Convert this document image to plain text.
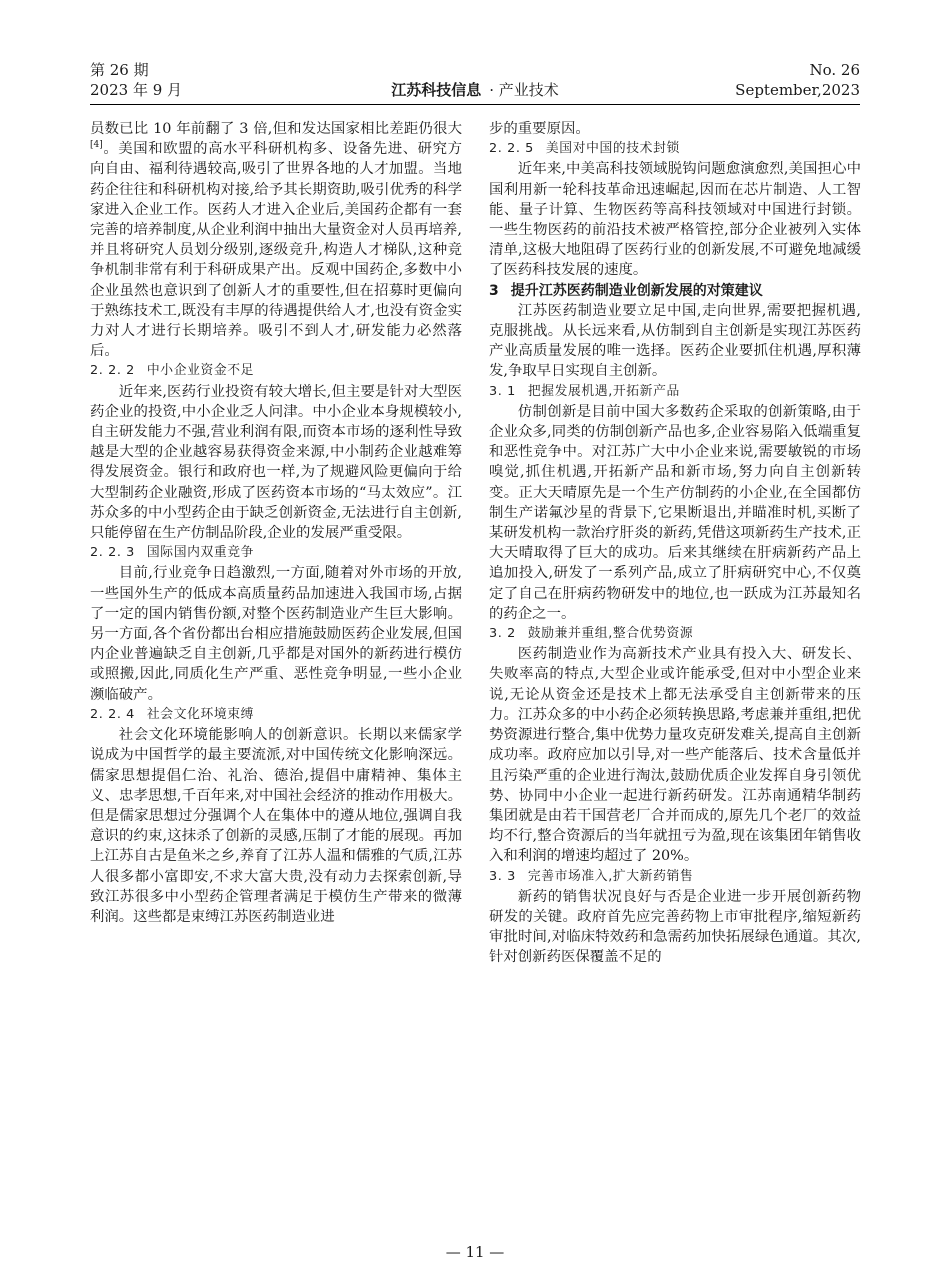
第 26 期
2023 年 9 月	江苏科技信息 · 产业技术
No. 26
September,2023

员数已比 10 年前翻了 3 倍,但和发达国家相比差距仍很大[4]。美国和欧盟的高水平科研机构多、设备先进、研究方向自由、福利待遇较高,吸引了世界各地的人才加盟。当地药企往往和科研机构对接,给予其长期资助,吸引优秀的科学家进入企业工作。医药人才进入企业后,美国药企都有一套完善的培养制度,从企业利润中抽出大量资金对人员再培养,并且将研究人员划分级别,逐级竞升,构造人才梯队,这种竞争机制非常有利于科研成果产出。反观中国药企,多数中小企业虽然也意识到了创新人才的重要性,但在招募时更偏向于熟练技术工,既没有丰厚的待遇提供给人才,也没有资金实力对人才进行长期培养。吸引不到人才,研发能力必然落后。

2. 2. 2 中小企业资金不足

近年来,医药行业投资有较大增长,但主要是针对大型医药企业的投资,中小企业乏人问津。中小企业本身规模较小,自主研发能力不强,营业利润有限,而资本市场的逐利性导致越是大型的企业越容易获得资金来源,中小制药企业越难筹得发展资金。银行和政府也一样,为了规避风险更偏向于给大型制药企业融资,形成了医药资本市场的“马太效应”。江苏众多的中小型药企由于缺乏创新资金,无法进行自主创新,只能停留在生产仿制品阶段,企业的发展严重受限。

2. 2. 3 国际国内双重竞争

目前,行业竞争日趋激烈,一方面,随着对外市场的开放,一些国外生产的低成本高质量药品加速进入我国市场,占据了一定的国内销售份额,对整个医药制造业产生巨大影响。另一方面,各个省份都出台相应措施鼓励医药企业发展,但国内企业普遍缺乏自主创新,几乎都是对国外的新药进行模仿或照搬,因此,同质化生产严重、恶性竞争明显,一些小企业濒临破产。

2. 2. 4 社会文化环境束缚

社会文化环境能影响人的创新意识。长期以来儒家学说成为中国哲学的最主要流派,对中国传统文化影响深远。儒家思想提倡仁治、礼治、德治,提倡中庸精神、集体主义、忠孝思想,千百年来,对中国社会经济的推动作用极大。但是儒家思想过分强调个人在集体中的遵从地位,强调自我意识的约束,这抹杀了创新的灵感,压制了才能的展现。再加上江苏自古是鱼米之乡,养育了江苏人温和儒雅的气质,江苏人很多都小富即安,不求大富大贵,没有动力去探索创新,导致江苏很多中小型药企管理者满足于模仿生产带来的微薄利润。这些都是束缚江苏医药制造业进

步的重要原因。

2. 2. 5 美国对中国的技术封锁

近年来,中美高科技领域脱钩问题愈演愈烈,美国担心中国利用新一轮科技革命迅速崛起,因而在芯片制造、人工智能、量子计算、生物医药等高科技领域对中国进行封锁。一些生物医药的前沿技术被严格管控,部分企业被列入实体清单,这极大地阻碍了医药行业的创新发展,不可避免地减缓了医药科技发展的速度。

3 提升江苏医药制造业创新发展的对策建议

江苏医药制造业要立足中国,走向世界,需要把握机遇,克服挑战。从长远来看,从仿制到自主创新是实现江苏医药产业高质量发展的唯一选择。医药企业要抓住机遇,厚积薄发,争取早日实现自主创新。

3. 1 把握发展机遇,开拓新产品

仿制创新是目前中国大多数药企采取的创新策略,由于企业众多,同类的仿制创新产品也多,企业容易陷入低端重复和恶性竞争中。对江苏广大中小企业来说,需要敏锐的市场嗅觉,抓住机遇,开拓新产品和新市场,努力向自主创新转变。正大天晴原先是一个生产仿制药的小企业,在全国都仿制生产诺氟沙星的背景下,它果断退出,并瞄准时机,买断了某研发机构一款治疗肝炎的新药,凭借这项新药生产技术,正大天晴取得了巨大的成功。后来其继续在肝病新药产品上追加投入,研发了一系列产品,成立了肝病研究中心,不仅奠定了自己在肝病药物研发中的地位,也一跃成为江苏最知名的药企之一。

3. 2 鼓励兼并重组,整合优势资源

医药制造业作为高新技术产业具有投入大、研发长、失败率高的特点,大型企业或许能承受,但对中小型企业来说,无论从资金还是技术上都无法承受自主创新带来的压力。江苏众多的中小药企必须转换思路,考虑兼并重组,把优势资源进行整合,集中优势力量攻克研发难关,提高自主创新成功率。政府应加以引导,对一些产能落后、技术含量低并且污染严重的企业进行淘汰,鼓励优质企业发挥自身引领优势、协同中小企业一起进行新药研发。江苏南通精华制药集团就是由若干国营老厂合并而成的,原先几个老厂的效益均不行,整合资源后的当年就扭亏为盈,现在该集团年销售收入和利润的增速均超过了 20%。

3. 3 完善市场准入,扩大新药销售

新药的销售状况良好与否是企业进一步开展创新药物研发的关键。政府首先应完善药物上市审批程序,缩短新药审批时间,对临床特效药和急需药加快拓展绿色通道。其次,针对创新药医保覆盖不足的

— 11 —
